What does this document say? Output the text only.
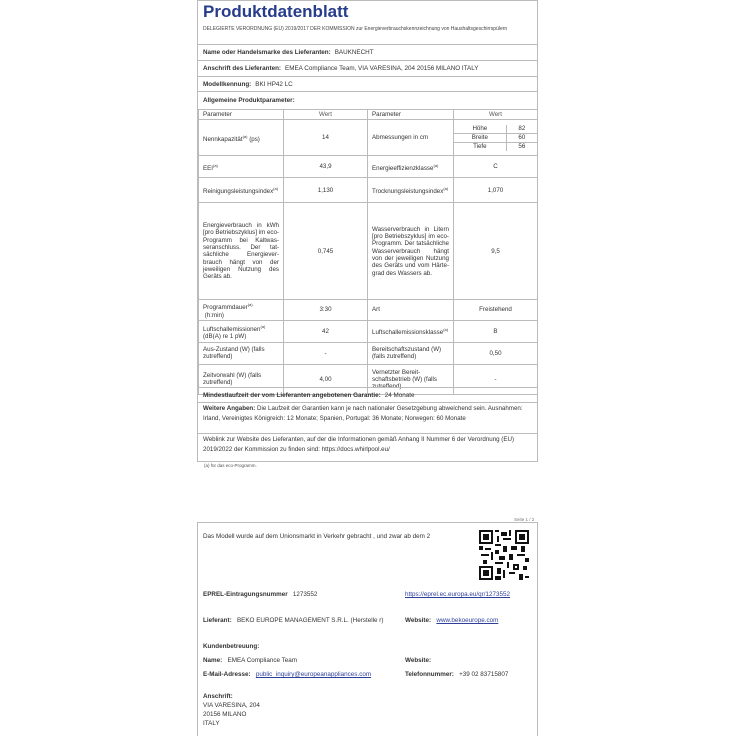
Produktdatenblatt
DELEGIERTE VERORDNUNG (EU) 2019/2017 DER KOMMISSION zur Energieverbrauchskennzeichnung von Haushaltsgeschirrspülern
Name oder Handelsmarke des Lieferanten: BAUKNECHT
Anschrift des Lieferanten: EMEA Compliance Team, VIA VARESINA, 204 20156 MILANO ITALY
Modellkennung: BKI HP42 LC
Allgemeine Produktparameter:
Parameter	Wert	Parameter	Wert
Nennkapazität$^{(a)}$ (ps)	14	Abmessungen in cm	
Höhe	82
Breite	60
Tiefe	56

EEI$^{(a)}$	43,9	Energieeffizienzklasse$^{(a)}$	C
Reinigungsleistungsindex$^{(a)}$	1,130	Trocknungsleistungsindex$^{(a)}$	1,070
Energieverbrauch in kWh [pro Betriebszyklus] im eco-Programm bei Kaltwasseranschluss. Der tatsächliche Energieverbrauch hängt von der jeweiligen Nutzung des Geräts ab.	0,745	Wasserverbrauch in Litern [pro Betriebszyklus] im eco-Programm. Der tatsächliche Wasserverbrauch hängt von der jeweiligen Nutzung des Geräts und vom Härtegrad des Wassers ab.	9,5
Programmdauer$^{(a)}$
(h:min)	3:30	Art	Freistehend
Luftschallemissionen$^{(a)}$ (dB(A) re 1 pW)	42	Luftschallemissionsklasse$^{(a)}$	B
Aus-Zustand (W) (falls zutreffend)	-	Bereitschaftszustand (W) (falls zutreffend)	0,50
Zeitvorwahl (W) (falls zutreffend)	4,00	Vernetzter Bereitschaftsbetrieb (W) (falls zutreffend)	-
Mindestlaufzeit der vom Lieferanten angebotenen Garantie: 24 Monate
Weitere Angaben: Die Laufzeit der Garantien kann je nach nationaler Gesetzgebung abweichend sein. Ausnahmen: Irland, Vereinigtes Königreich: 12 Monate; Spanien, Portugal: 36 Monate; Norwegen: 60 Monate
Weblink zur Website des Lieferanten, auf der die Informationen gemäß Anhang II Nummer 6 der Verordnung (EU) 2019/2022 der Kommission zu finden sind: https://docs.whirlpool.eu/
(a) für das eco-Programm.
Seite 1 / 2
Das Modell wurde auf dem Unionsmarkt in Verkehr gebracht , und zwar ab dem 2
EPREL-Eintragungsnummer 1273552	https://eprel.ec.europa.eu/qr/1273552
Lieferant: BEKO EUROPE MANAGEMENT S.R.L. (Herstelle r)	Website: www.bekoeurope.com
Kundenbetreuung:
Name: EMEA Compliance Team	Website:
E-Mail-Adresse: public_inquiry@europeanappliances.com	Telefonnummer: +39 02 83715807
Anschrift:
VIA VARESINA, 204
20156 MILANO
ITALY
